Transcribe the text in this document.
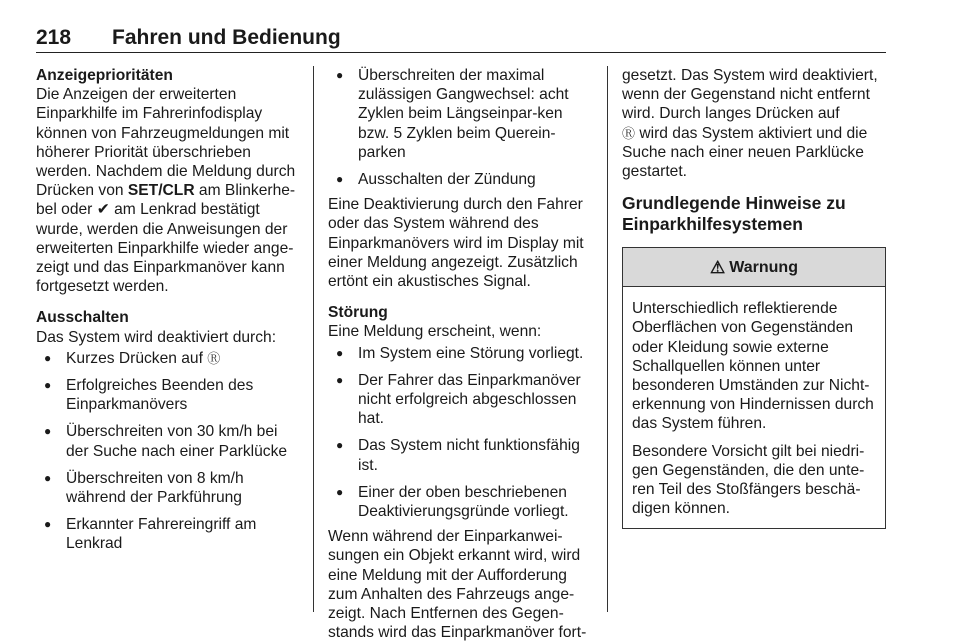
218	Fahren und Bedienung
Anzeigeprioritäten

Die Anzeigen der erweiterten Einparkhilfe im Fahrerinfodisplay können von Fahrzeugmeldungen mit höherer Priorität überschrieben werden. Nachdem die Meldung durch Drücken von SET/CLR am Blinkerhe-bel oder ✔ am Lenkrad bestätigt wurde, werden die Anweisungen der erweiterten Einparkhilfe wieder ange-zeigt und das Einparkmanöver kann fortgesetzt werden.

Ausschalten

Das System wird deaktiviert durch:

● Kurzes Drücken auf Ⓡ
● Erfolgreiches Beenden des Einparkmanövers
● Überschreiten von 30 km/h bei der Suche nach einer Parklücke
● Überschreiten von 8 km/h während der Parkführung
● Erkannter Fahrereingriff am Lenkrad
● Überschreiten der maximal zulässigen Gangwechsel: acht Zyklen beim Längseinpar-ken bzw. 5 Zyklen beim Querein-parken
● Ausschalten der Zündung

Eine Deaktivierung durch den Fahrer oder das System während des Einparkmanövers wird im Display mit einer Meldung angezeigt. Zusätzlich ertönt ein akustisches Signal.

Störung

Eine Meldung erscheint, wenn:

● Im System eine Störung vorliegt.
● Der Fahrer das Einparkmanöver nicht erfolgreich abgeschlossen hat.
● Das System nicht funktionsfähig ist.
● Einer der oben beschriebenen Deaktivierungsgründe vorliegt.

Wenn während der Einparkanwei-sungen ein Objekt erkannt wird, wird eine Meldung mit der Aufforderung zum Anhalten des Fahrzeugs ange-zeigt. Nach Entfernen des Gegen-stands wird das Einparkmanöver fort-

gesetzt. Das System wird deaktiviert, wenn der Gegenstand nicht entfernt wird. Durch langes Drücken auf
Ⓡ wird das System aktiviert und die Suche nach einer neuen Parklücke gestartet.

Grundlegende Hinweise zu Einparkhilfesystemen
⚠ Warnung

Unterschiedlich reflektierende Oberflächen von Gegenständen oder Kleidung sowie externe Schallquellen können unter besonderen Umständen zur Nicht-erkennung von Hindernissen durch das System führen.

Besondere Vorsicht gilt bei niedri-gen Gegenständen, die den unte-ren Teil des Stoßfängers beschä-digen können.
